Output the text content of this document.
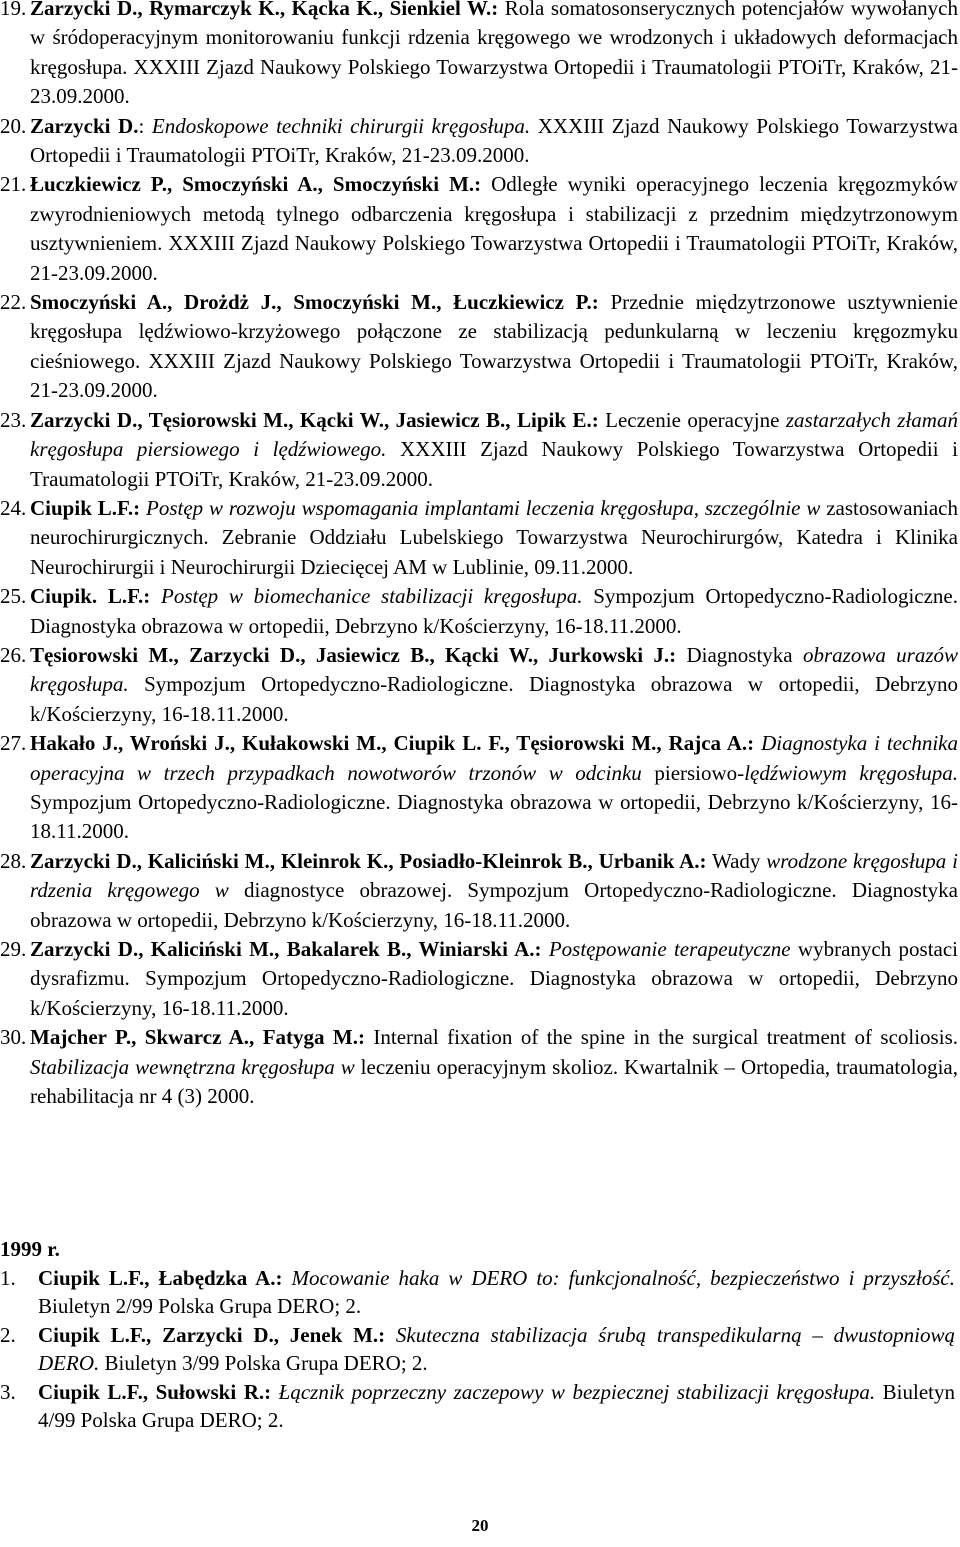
19. Zarzycki D., Rymarczyk K., Kącka K., Sienkiel W.: Rola somatosonserycznych potencjałów wywołanych w śródoperacyjnym monitorowaniu funkcji rdzenia kręgowego we wrodzonych i układowych deformacjach kręgosłupa. XXXIII Zjazd Naukowy Polskiego Towarzystwa Ortopedii i Traumatologii PTOiTr, Kraków, 21-23.09.2000.
20. Zarzycki D.: Endoskopowe techniki chirurgii kręgosłupa. XXXIII Zjazd Naukowy Polskiego Towarzystwa Ortopedii i Traumatologii PTOiTr, Kraków, 21-23.09.2000.
21. Łuczkiewicz P., Smoczyński A., Smoczyński M.: Odległe wyniki operacyjnego leczenia kręgozmyków zwyrodnieniowych metodą tylnego odbarczenia kręgosłupa i stabilizacji z przednim międzytrzonowym usztywnieniem. XXXIII Zjazd Naukowy Polskiego Towarzystwa Ortopedii i Traumatologii PTOiTr, Kraków, 21-23.09.2000.
22. Smoczyński A., Drożdż J., Smoczyński M., Łuczkiewicz P.: Przednie międzytrzonowe usztywnienie kręgosłupa lędźwiowo-krzyżowego połączone ze stabilizacją pedunkularną w leczeniu kręgozmyku cieśniowego. XXXIII Zjazd Naukowy Polskiego Towarzystwa Ortopedii i Traumatologii PTOiTr, Kraków, 21-23.09.2000.
23. Zarzycki D., Tęsiorowski M., Kącki W., Jasiewicz B., Lipik E.: Leczenie operacyjne zastarzałych złamań kręgosłupa piersiowego i lędźwiowego. XXXIII Zjazd Naukowy Polskiego Towarzystwa Ortopedii i Traumatologii PTOiTr, Kraków, 21-23.09.2000.
24. Ciupik L.F.: Postęp w rozwoju wspomagania implantami leczenia kręgosłupa, szczególnie w zastosowaniach neurochirurgicznych. Zebranie Oddziału Lubelskiego Towarzystwa Neurochirurgów, Katedra i Klinika Neurochirurgii i Neurochirurgii Dziecięcej AM w Lublinie, 09.11.2000.
25. Ciupik. L.F.: Postęp w biomechanice stabilizacji kręgosłupa. Sympozjum Ortopedyczno-Radiologiczne. Diagnostyka obrazowa w ortopedii, Debrzyno k/Kościerzyny, 16-18.11.2000.
26. Tęsiorowski M., Zarzycki D., Jasiewicz B., Kącki W., Jurkowski J.: Diagnostyka obrazowa urazów kręgosłupa. Sympozjum Ortopedyczno-Radiologiczne. Diagnostyka obrazowa w ortopedii, Debrzyno k/Kościerzyny, 16-18.11.2000.
27. Hakało J., Wroński J., Kułakowski M., Ciupik L. F., Tęsiorowski M., Rajca A.: Diagnostyka i technika operacyjna w trzech przypadkach nowotworów trzonów w odcinku piersiowo-lędźwiowym kręgosłupa. Sympozjum Ortopedyczno-Radiologiczne. Diagnostyka obrazowa w ortopedii, Debrzyno k/Kościerzyny, 16-18.11.2000.
28. Zarzycki D., Kaliciński M., Kleinrok K., Posiadło-Kleinrok B., Urbanik A.: Wady wrodzone kręgosłupa i rdzenia kręgowego w diagnostyce obrazowej. Sympozjum Ortopedyczno-Radiologiczne. Diagnostyka obrazowa w ortopedii, Debrzyno k/Kościerzyny, 16-18.11.2000.
29. Zarzycki D., Kaliciński M., Bakalarek B., Winiarski A.: Postępowanie terapeutyczne wybranych postaci dysrafizmu. Sympozjum Ortopedyczno-Radiologiczne. Diagnostyka obrazowa w ortopedii, Debrzyno k/Kościerzyny, 16-18.11.2000.
30. Majcher P., Skwarcz A., Fatyga M.: Internal fixation of the spine in the surgical treatment of scoliosis. Stabilizacja wewnętrzna kręgosłupa w leczeniu operacyjnym skolioz. Kwartalnik – Ortopedia, traumatologia, rehabilitacja nr 4 (3) 2000.

1999 r.

1. Ciupik L.F., Łabędzka A.: Mocowanie haka w DERO to: funkcjonalność, bezpieczeństwo i przyszłość. Biuletyn 2/99 Polska Grupa DERO; 2.
2. Ciupik L.F., Zarzycki D., Jenek M.: Skuteczna stabilizacja śrubą transpedikularną – dwustopniową DERO. Biuletyn 3/99 Polska Grupa DERO; 2.
3. Ciupik L.F., Sułowski R.: Łącznik poprzeczny zaczepowy w bezpiecznej stabilizacji kręgosłupa. Biuletyn 4/99 Polska Grupa DERO; 2.
20
